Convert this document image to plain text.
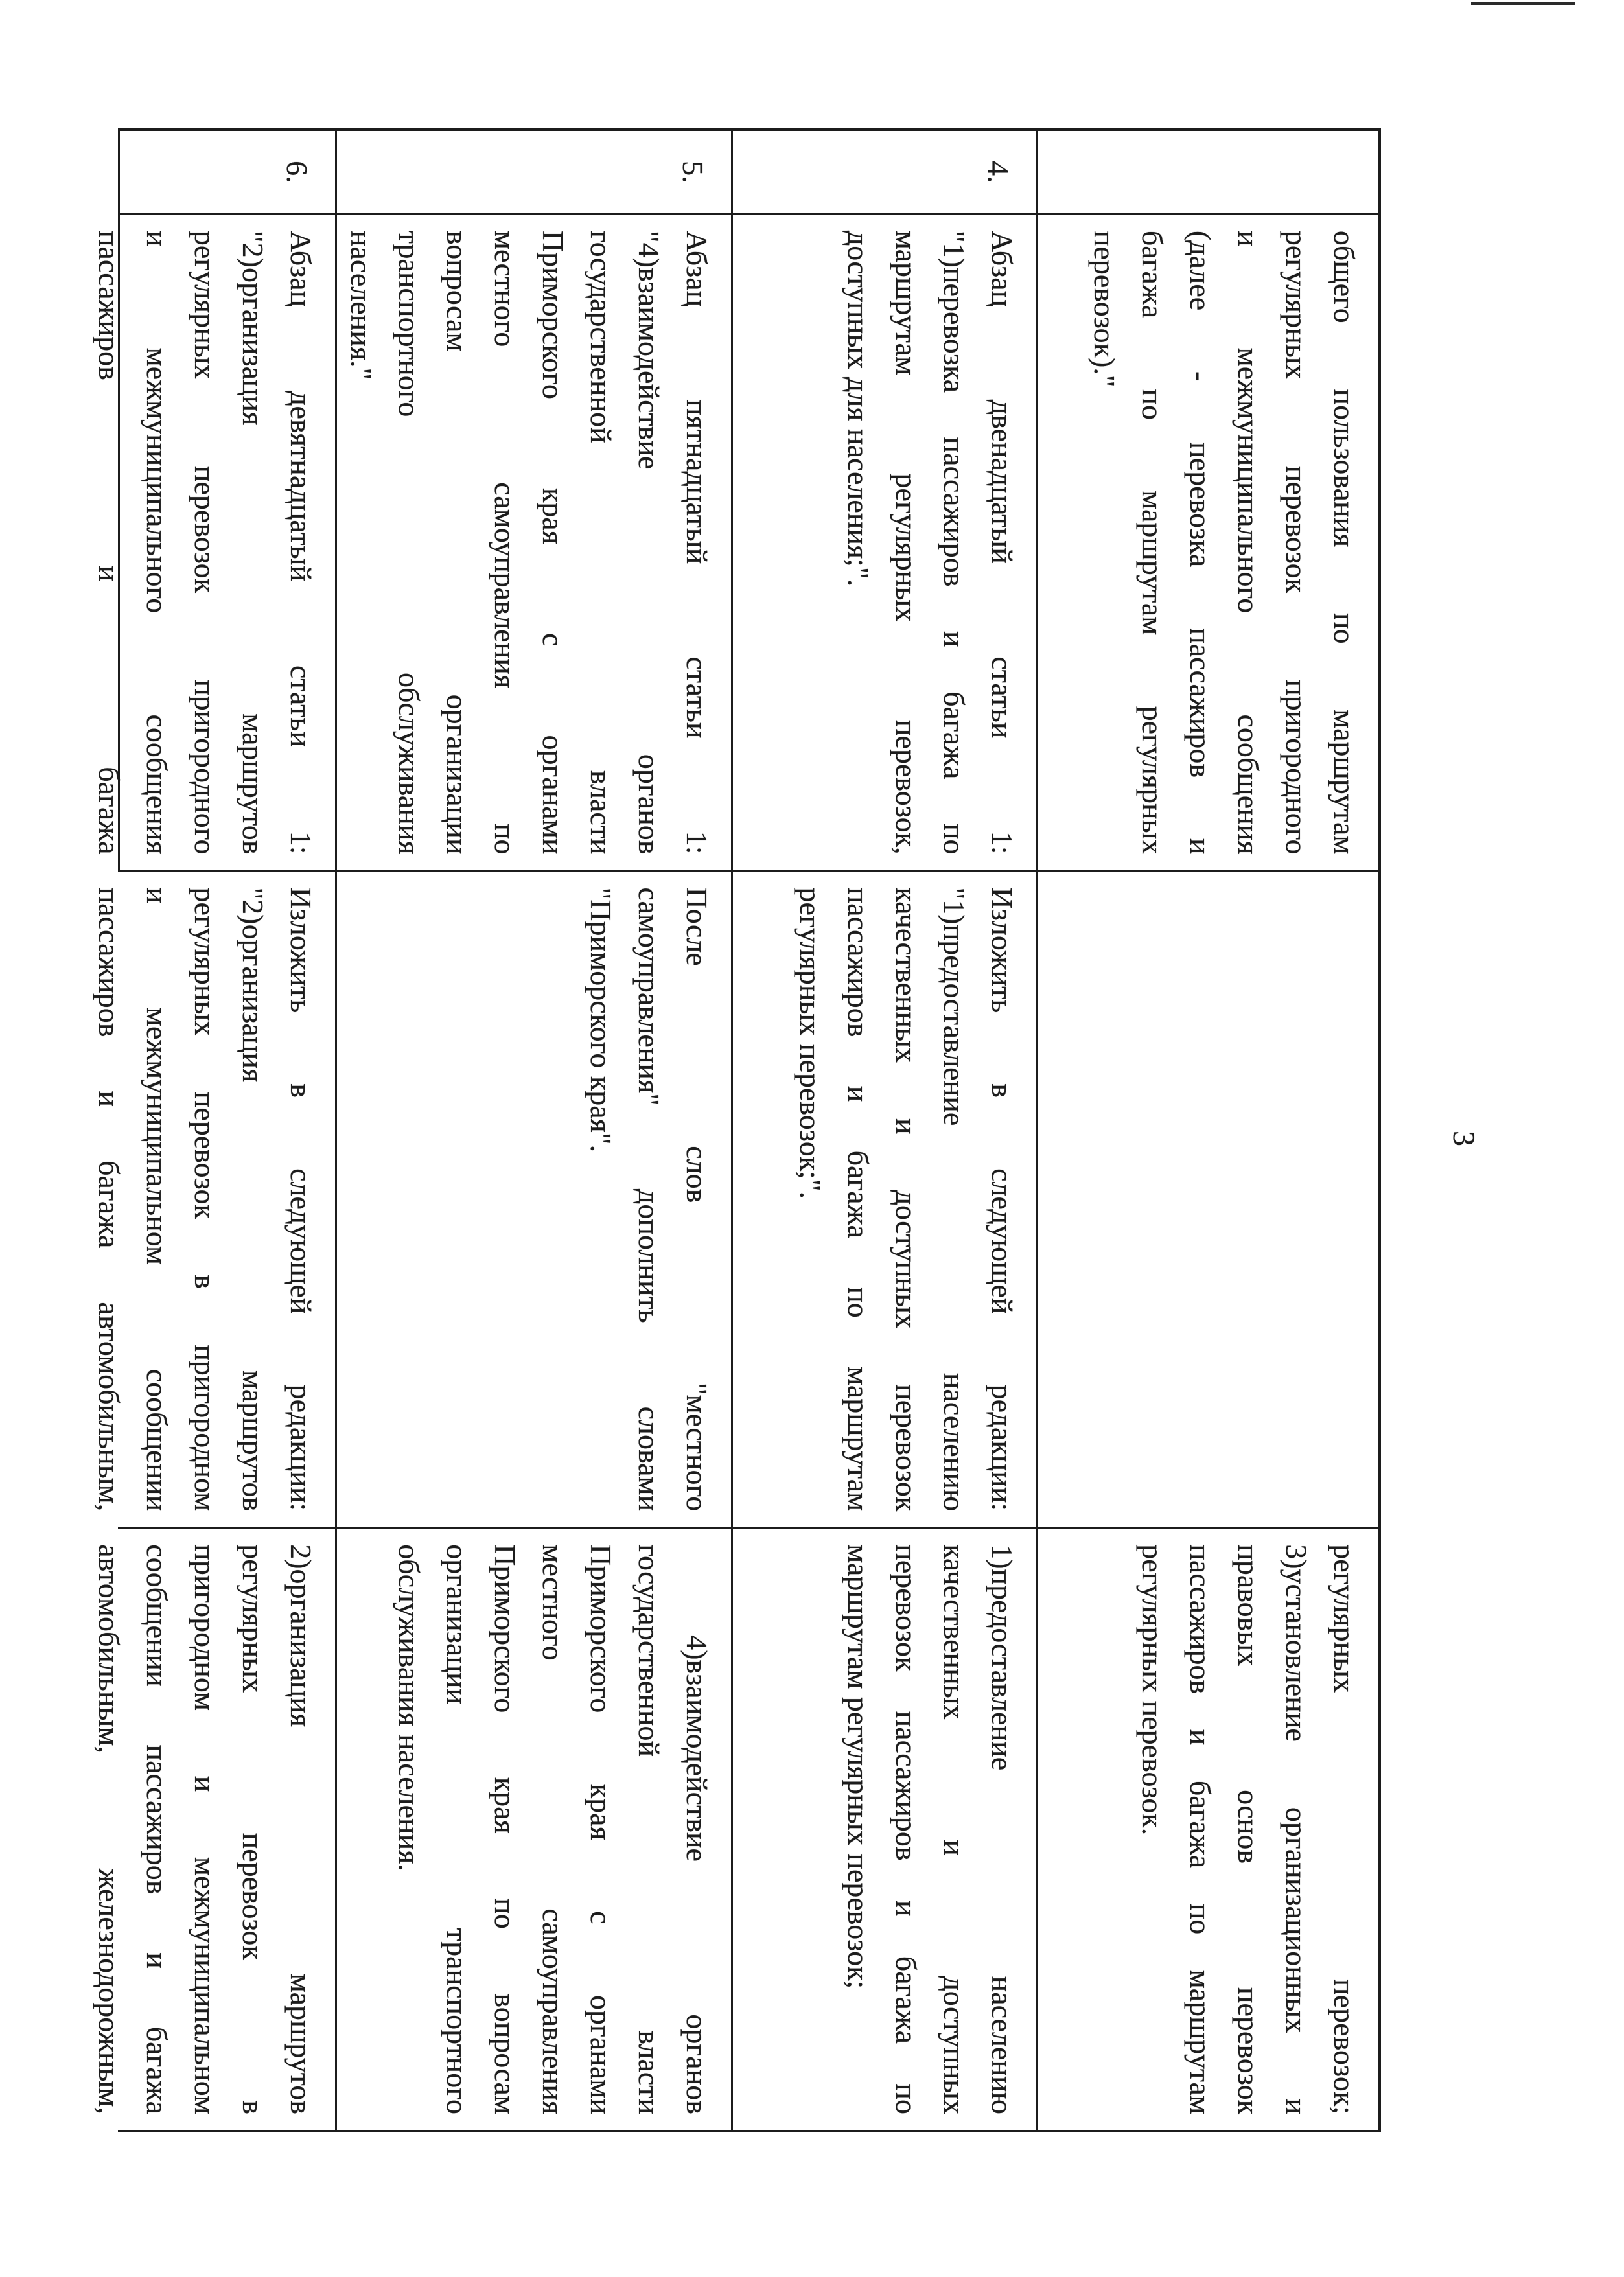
3
общего пользования по маршрутам
регулярных перевозок пригородного
и межмуниципального сообщения
(далее - перевозка пассажиров и
багажа по маршрутам регулярных
перевозок)."
регулярных перевозок;
3)установление организационных и
правовых основ перевозок
пассажиров и багажа по маршрутам
регулярных перевозок.
4.
Абзац двенадцатый статьи 1:
"1)перевозка пассажиров и багажа по
маршрутам регулярных перевозок,
доступных для населения;".
Изложить в следующей редакции:
"1)предоставление населению
качественных и доступных перевозок
пассажиров и багажа по маршрутам
регулярных перевозок;".
1)предоставление населению
качественных и доступных
перевозок пассажиров и багажа по
маршрутам регулярных перевозок;
5.
Абзац пятнадцатый статьи 1:
"4)взаимодействие органов
государственной власти
Приморского края с органами
местного самоуправления по
вопросам организации
транспортного обслуживания
населения."
После слов "местного
самоуправления" дополнить словами
"Приморского края".
4)взаимодействие органов
государственной власти
Приморского края с органами
местного самоуправления
Приморского края по вопросам
организации транспортного
обслуживания населения.
6.
Абзац девятнадцатый статьи 1:
"2)организация маршрутов
регулярных перевозок пригородного
и межмуниципального сообщения
пассажиров и багажа
Изложить в следующей редакции:
"2)организация маршрутов
регулярных перевозок в пригородном
и межмуниципальном сообщении
пассажиров и багажа автомобильным,
2)организация маршрутов
регулярных перевозок в
пригородном и межмуниципальном
сообщении пассажиров и багажа
автомобильным, железнодорожным,
